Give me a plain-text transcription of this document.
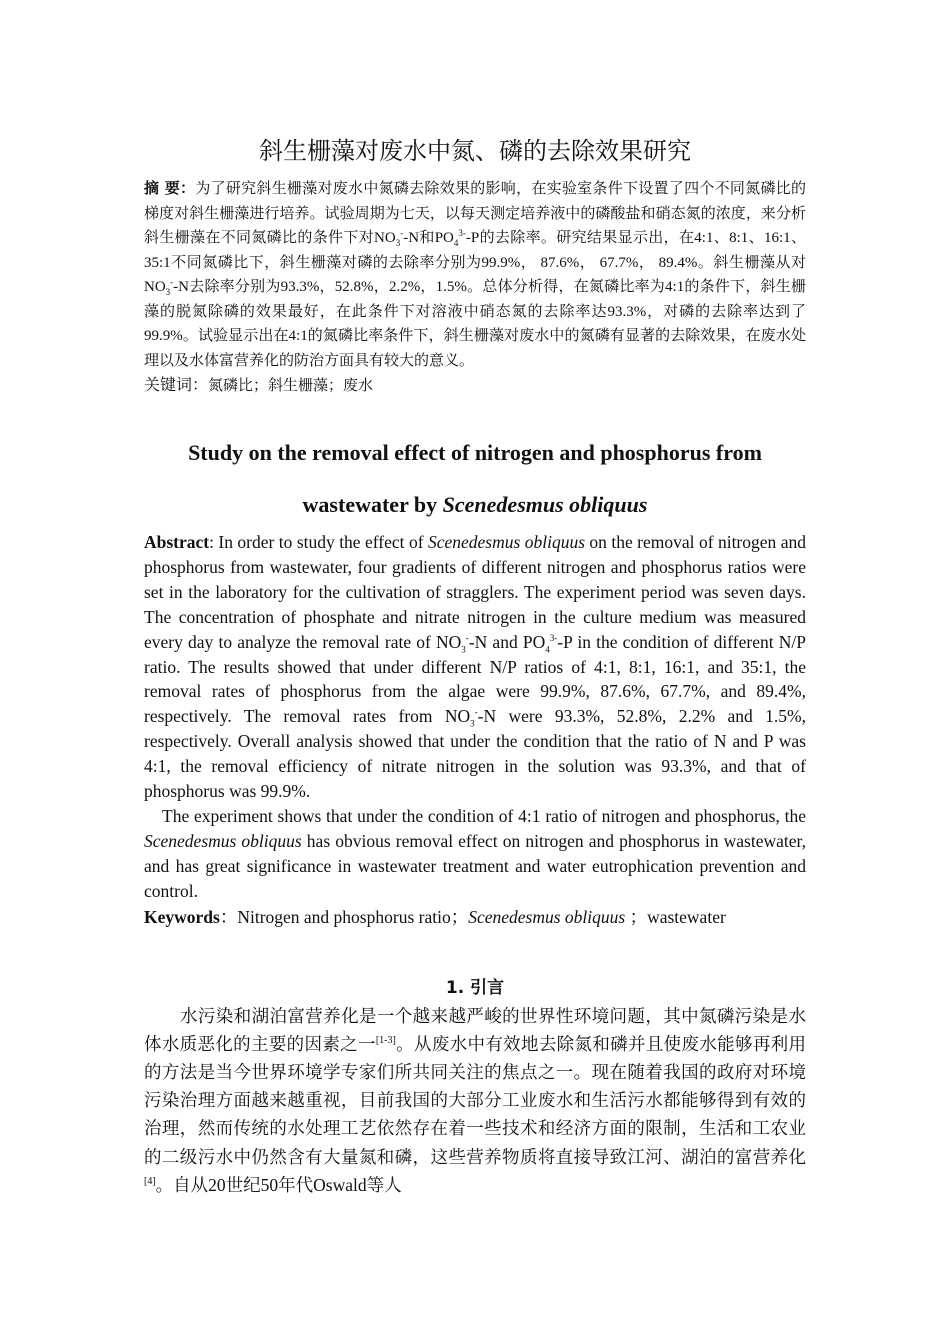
斜生栅藻对废水中氮、磷的去除效果研究

摘 要：为了研究斜生栅藻对废水中氮磷去除效果的影响，在实验室条件下设置了四个不同氮磷比的梯度对斜生栅藻进行培养。试验周期为七天，以每天测定培养液中的磷酸盐和硝态氮的浓度，来分析斜生栅藻在不同氮磷比的条件下对$NO_3^--N$和$PO_4^{3-}-P$的去除率。研究结果显示出，在4:1、8:1、16:1、 35:1不同氮磷比下，斜生栅藻对磷的去除率分别为99.9%， 87.6%， 67.7%， 89.4%。斜生栅藻从对$NO_3^--N$去除率分别为93.3%，52.8%，2.2%，1.5%。总体分析得，在氮磷比率为4:1的条件下，斜生栅藻的脱氮除磷的效果最好，在此条件下对溶液中硝态氮的去除率达93.3%，对磷的去除率达到了99.9%。试验显示出在4:1的氮磷比率条件下，斜生栅藻对废水中的氮磷有显著的去除效果，在废水处理以及水体富营养化的防治方面具有较大的意义。

关键词：氮磷比；斜生栅藻；废水

Study on the removal effect of nitrogen and phosphorus from
wastewater by Scenedesmus obliquus

Abstract: In order to study the effect of Scenedesmus obliquus on the removal of nitrogen and phosphorus from wastewater, four gradients of different nitrogen and phosphorus ratios were set in the laboratory for the cultivation of stragglers. The experiment period was seven days. The concentration of phosphate and nitrate nitrogen in the culture medium was measured every day to analyze the removal rate of $NO_3^--N$ and $PO_4^{3-}-P$ in the condition of different N/P ratio. The results showed that under different N/P ratios of 4:1, 8:1, 16:1, and 35:1, the removal rates of phosphorus from the algae were 99.9%, 87.6%, 67.7%, and 89.4%, respectively. The removal rates from $NO_3^--N$ were 93.3%, 52.8%, 2.2% and 1.5%, respectively. Overall analysis showed that under the condition that the ratio of N and P was 4:1, the removal efficiency of nitrate nitrogen in the solution was 93.3%, and that of phosphorus was 99.9%.

The experiment shows that under the condition of 4:1 ratio of nitrogen and phosphorus, the Scenedesmus obliquus has obvious removal effect on nitrogen and phosphorus in wastewater, and has great significance in wastewater treatment and water eutrophication prevention and control.

Keywords：Nitrogen and phosphorus ratio；Scenedesmus obliquus ；wastewater

1. 引言

水污染和湖泊富营养化是一个越来越严峻的世界性环境问题，其中氮磷污染是水体水质恶化的主要的因素之一[1-3]。从废水中有效地去除氮和磷并且使废水能够再利用的方法是当今世界环境学专家们所共同关注的焦点之一。现在随着我国的政府对环境污染治理方面越来越重视，目前我国的大部分工业废水和生活污水都能够得到有效的治理，然而传统的水处理工艺依然存在着一些技术和经济方面的限制，生活和工农业的二级污水中仍然含有大量氮和磷，这些营养物质将直接导致江河、湖泊的富营养化[4]。自从20世纪50年代Oswald等人
